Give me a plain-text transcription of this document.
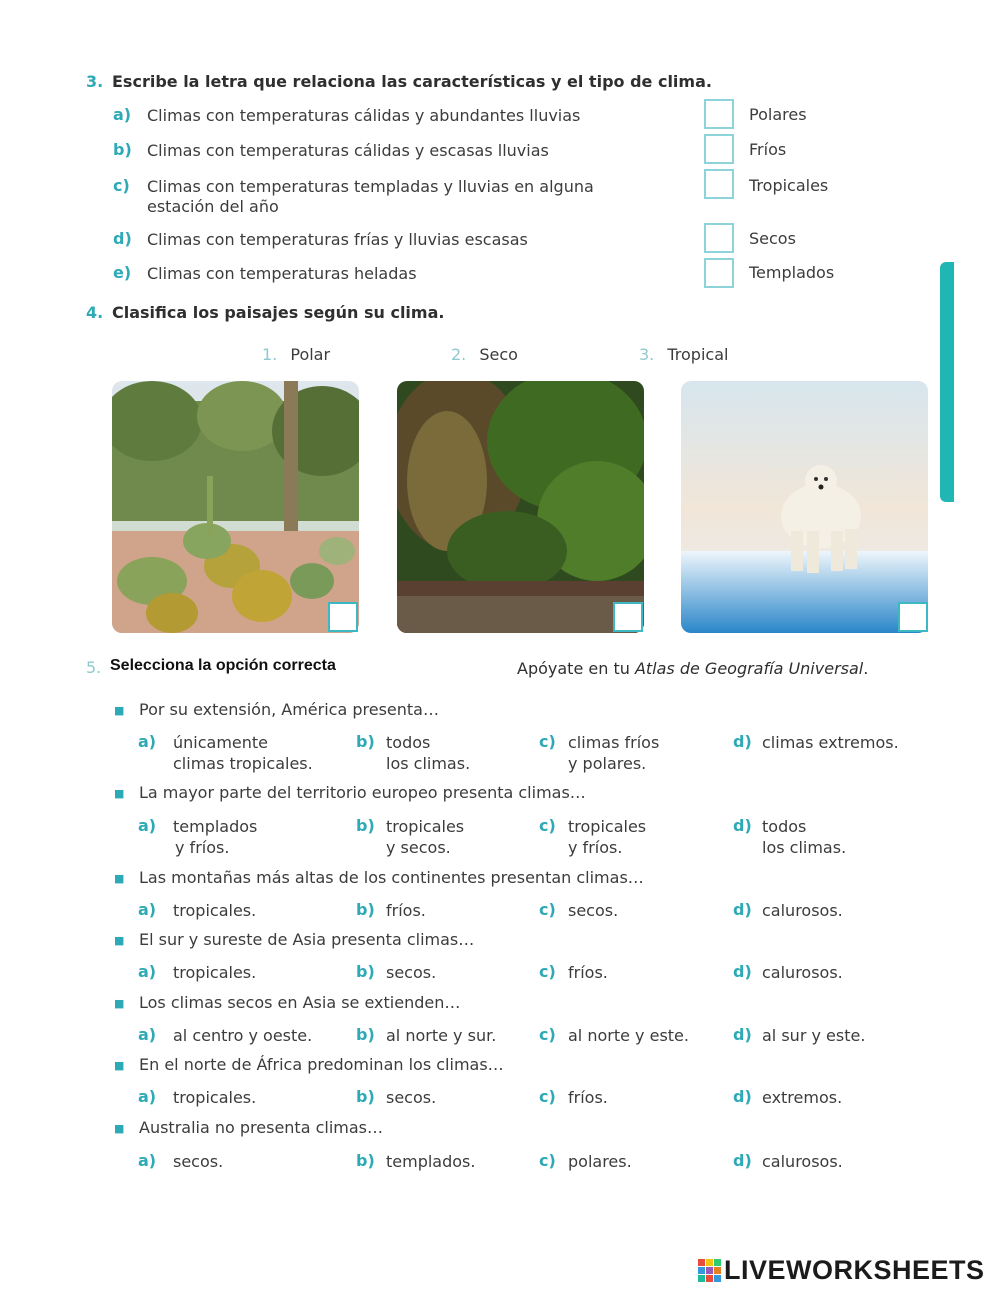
3. Escribe la letra que relaciona las características y el tipo de clima.
a) Climas con temperaturas cálidas y abundantes lluvias	Polares
b) Climas con temperaturas cálidas y escasas lluvias	Fríos
c) Climas con temperaturas templadas y lluvias en alguna
estación del año
Tropicales
d) Climas con temperaturas frías y lluvias escasas	Secos
e) Climas con temperaturas heladas	Templados
4. Clasifica los paisajes según su clima.
1. Polar	2. Seco	3. Tropical
5. Selecciona la opción correcta	Apóyate en tu Atlas de Geografía Universal.
■ Por su extensión, América presenta…
a) únicamente
climas tropicales.
b) todos
los climas.
c) climas fríos
y polares.
d) climas extremos.
■ La mayor parte del territorio europeo presenta climas…
a) templados
y fríos.
b) tropicales
y secos.
c) tropicales
y fríos.
d) todos
los climas.
■ Las montañas más altas de los continentes presentan climas…
a) tropicales.	b) fríos.	c) secos.	d) calurosos.
■ El sur y sureste de Asia presenta climas…
a) tropicales.	b) secos.	c) fríos.	d) calurosos.
■ Los climas secos en Asia se extienden…
a) al centro y oeste.	b) al norte y sur.	c) al norte y este.	d) al sur y este.
■ En el norte de África predominan los climas…
a) tropicales.	b) secos.	c) fríos.	d) extremos.
■ Australia no presenta climas…
a) secos.	b) templados.	c) polares.	d) calurosos.
LIVEWORKSHEETS
